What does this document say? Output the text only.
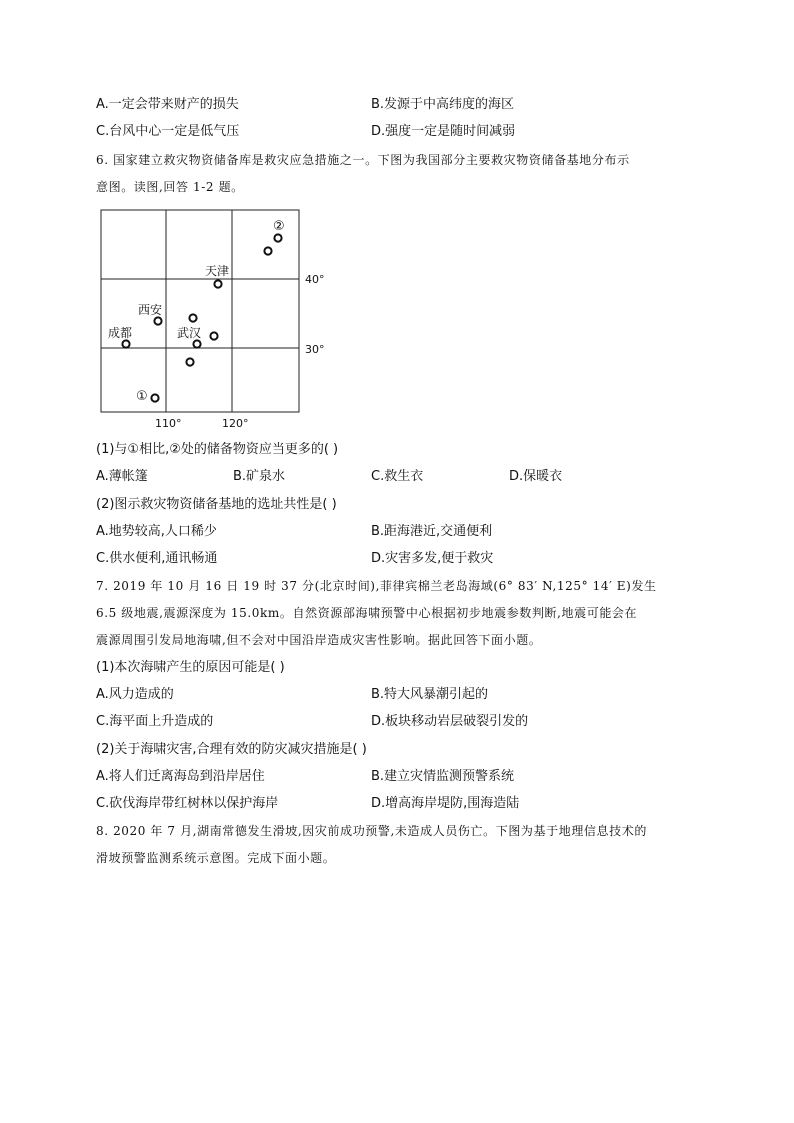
A.一定会带来财产的损失	B.发源于中高纬度的海区
C.台风中心一定是低气压	D.强度一定是随时间减弱
6. 国家建立救灾物资储备库是救灾应急措施之一。下图为我国部分主要救灾物资储备基地分布示
意图。读图,回答 1-2 题。
天津
西安
成都	武汉
①
②
40°
30°
110°	120°
(1)与①相比,②处的储备物资应当更多的( )
A.薄帐篷	B.矿泉水	C.救生衣	D.保暖衣
(2)图示救灾物资储备基地的选址共性是( )
A.地势较高,人口稀少	B.距海港近,交通便利
C.供水便利,通讯畅通	D.灾害多发,便于救灾
7. 2019 年 10 月 16 日 19 时 37 分(北京时间),菲律宾棉兰老岛海域(6° 83′ N,125° 14′ E)发生
6.5 级地震,震源深度为 15.0km。自然资源部海啸预警中心根据初步地震参数判断,地震可能会在
震源周围引发局地海啸,但不会对中国沿岸造成灾害性影响。据此回答下面小题。
(1)本次海啸产生的原因可能是( )
A.风力造成的	B.特大风暴潮引起的
C.海平面上升造成的	D.板块移动岩层破裂引发的
(2)关于海啸灾害,合理有效的防灾减灾措施是( )
A.将人们迁离海岛到沿岸居住	B.建立灾情监测预警系统
C.砍伐海岸带红树林以保护海岸	D.增高海岸堤防,围海造陆
8. 2020 年 7 月,湖南常德发生滑坡,因灾前成功预警,未造成人员伤亡。下图为基于地理信息技术的
滑坡预警监测系统示意图。完成下面小题。
